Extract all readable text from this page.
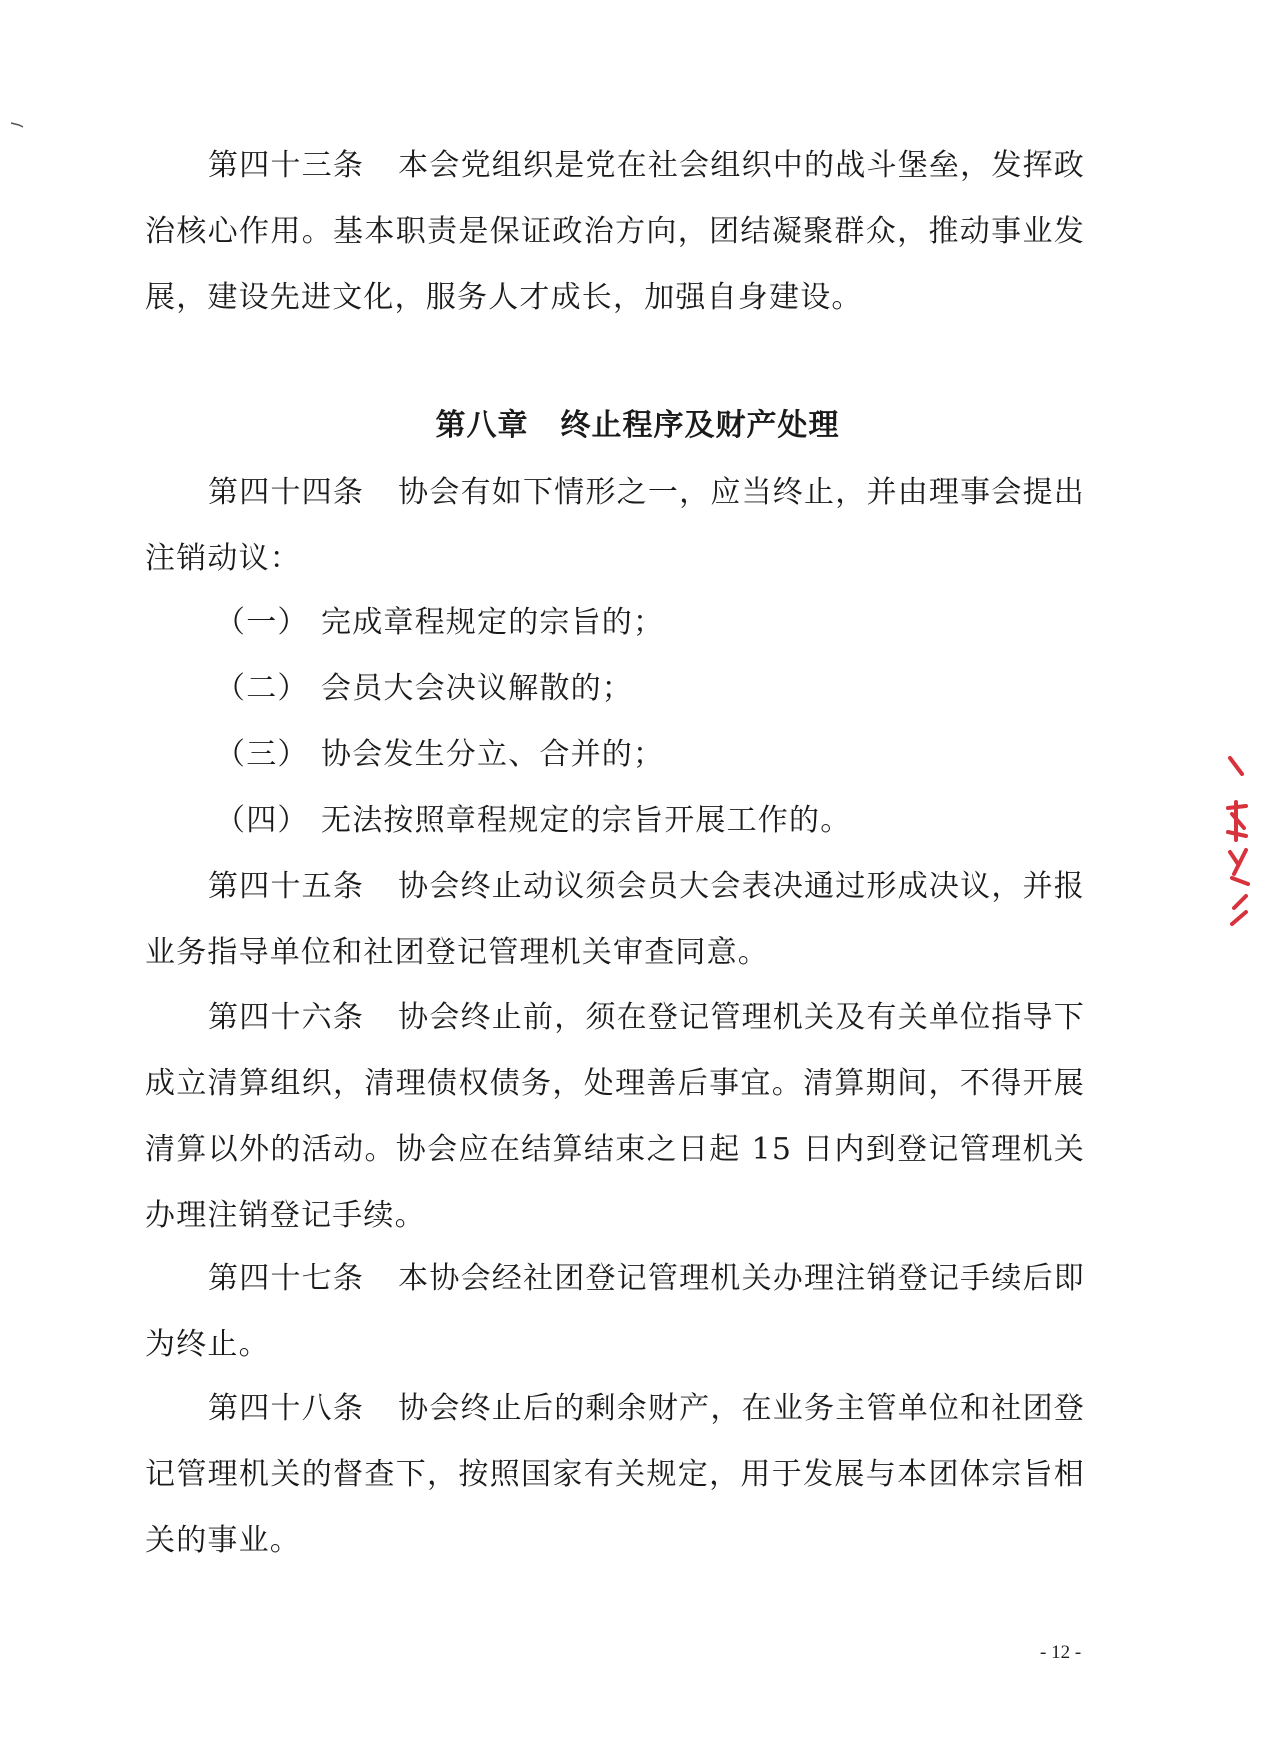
第四十三条 本会党组织是党在社会组织中的战斗堡垒，发挥政治核心作用。基本职责是保证政治方向，团结凝聚群众，推动事业发展，建设先进文化，服务人才成长，加强自身建设。

第八章 终止程序及财产处理

第四十四条 协会有如下情形之一，应当终止，并由理事会提出注销动议：

（一） 完成章程规定的宗旨的；

（二） 会员大会决议解散的；

（三） 协会发生分立、合并的；

（四） 无法按照章程规定的宗旨开展工作的。

第四十五条 协会终止动议须会员大会表决通过形成决议，并报业务指导单位和社团登记管理机关审查同意。

第四十六条 协会终止前，须在登记管理机关及有关单位指导下成立清算组织，清理债权债务，处理善后事宜。清算期间，不得开展清算以外的活动。协会应在结算结束之日起 15 日内到登记管理机关办理注销登记手续。

第四十七条 本协会经社团登记管理机关办理注销登记手续后即为终止。

第四十八条 协会终止后的剩余财产，在业务主管单位和社团登记管理机关的督查下，按照国家有关规定，用于发展与本团体宗旨相关的事业。

- 12 -
